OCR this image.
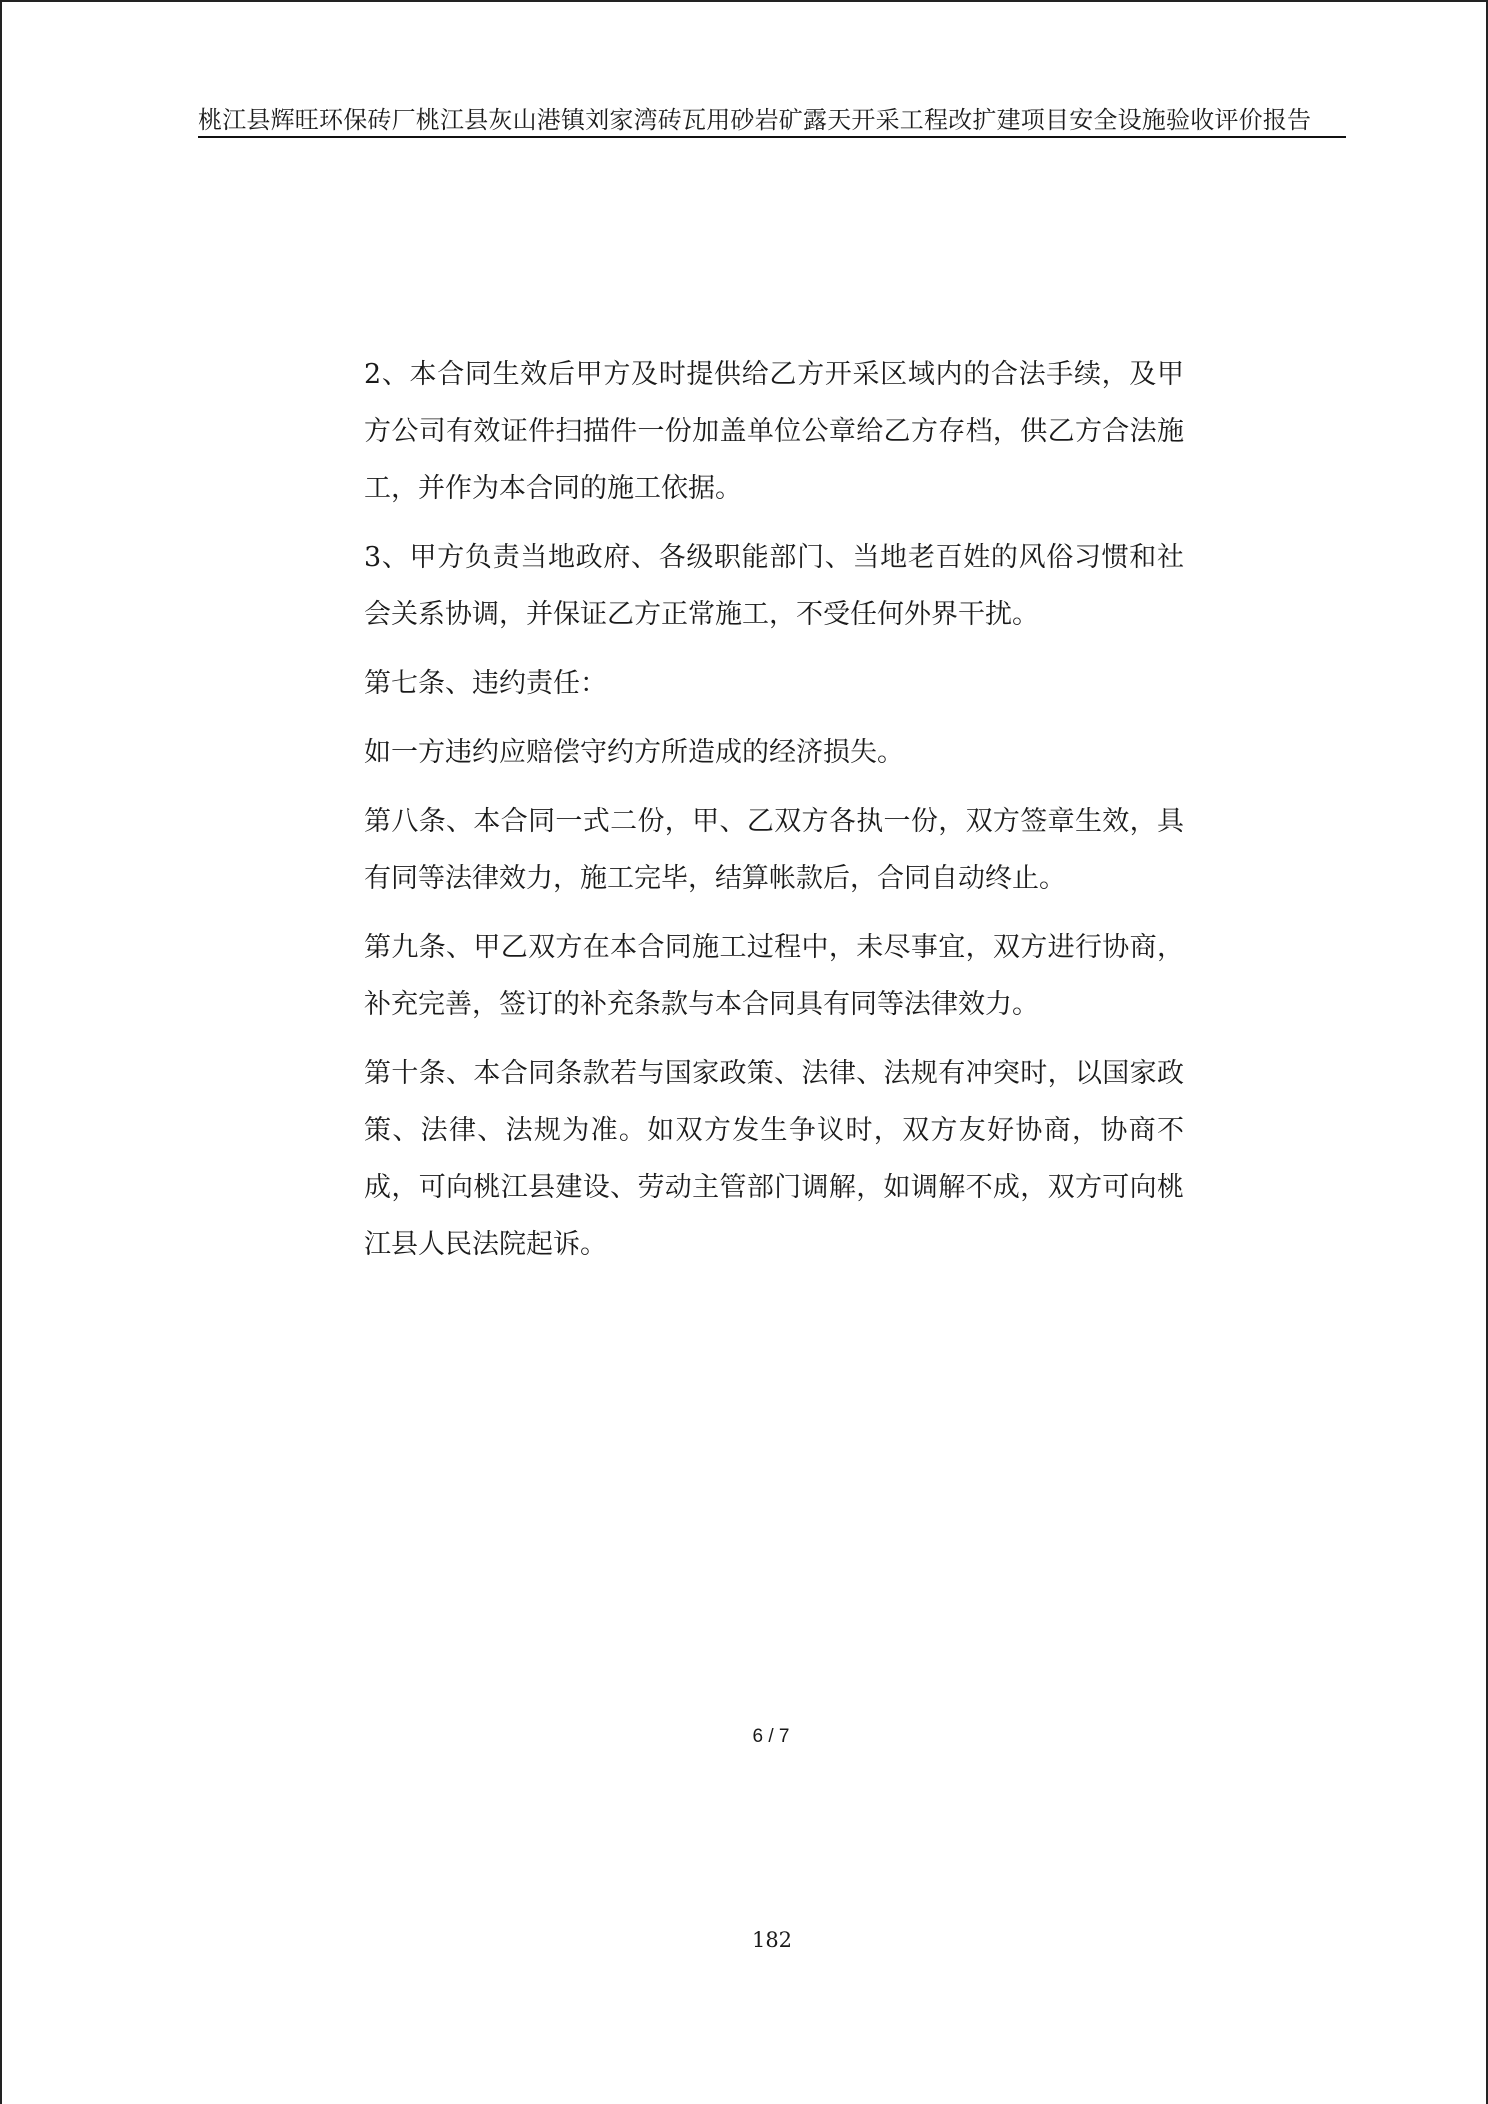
桃江县辉旺环保砖厂桃江县灰山港镇刘家湾砖瓦用砂岩矿露天开采工程改扩建项目安全设施验收评价报告

2、本合同生效后甲方及时提供给乙方开采区域内的合法手续，及甲方公司有效证件扫描件一份加盖单位公章给乙方存档，供乙方合法施工，并作为本合同的施工依据。

3、甲方负责当地政府、各级职能部门、当地老百姓的风俗习惯和社会关系协调，并保证乙方正常施工，不受任何外界干扰。

第七条、违约责任：

如一方违约应赔偿守约方所造成的经济损失。

第八条、本合同一式二份，甲、乙双方各执一份，双方签章生效，具有同等法律效力，施工完毕，结算帐款后，合同自动终止。

第九条、甲乙双方在本合同施工过程中，未尽事宜，双方进行协商，补充完善，签订的补充条款与本合同具有同等法律效力。

第十条、本合同条款若与国家政策、法律、法规有冲突时，以国家政策、法律、法规为准。如双方发生争议时，双方友好协商，协商不成，可向桃江县建设、劳动主管部门调解，如调解不成，双方可向桃江县人民法院起诉。

6 / 7
182
